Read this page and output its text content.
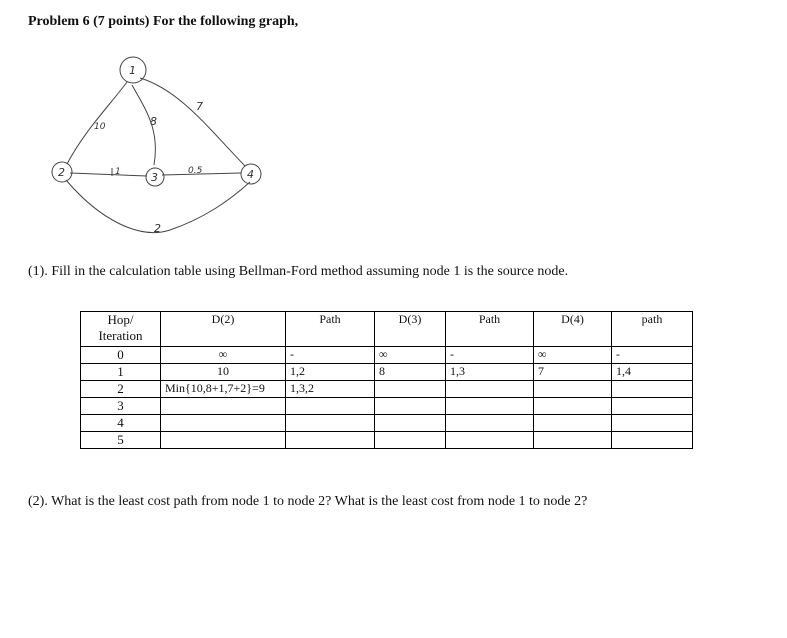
Problem 6 (7 points) For the following graph,
1
2	3	4
10	8
7
1	0.5
2
(1). Fill in the calculation table using Bellman-Ford method assuming node 1 is the source node.
Hop/ Iteration	D(2)	Path	D(3)	Path	D(4)	path
0	∞	-	∞	-	∞	-
1	10	1,2	8	1,3	7	1,4
2	Min{10,8+1,7+2}=9	1,3,2				
3						
4						
5						
(2). What is the least cost path from node 1 to node 2? What is the least cost from node 1 to node 2?
